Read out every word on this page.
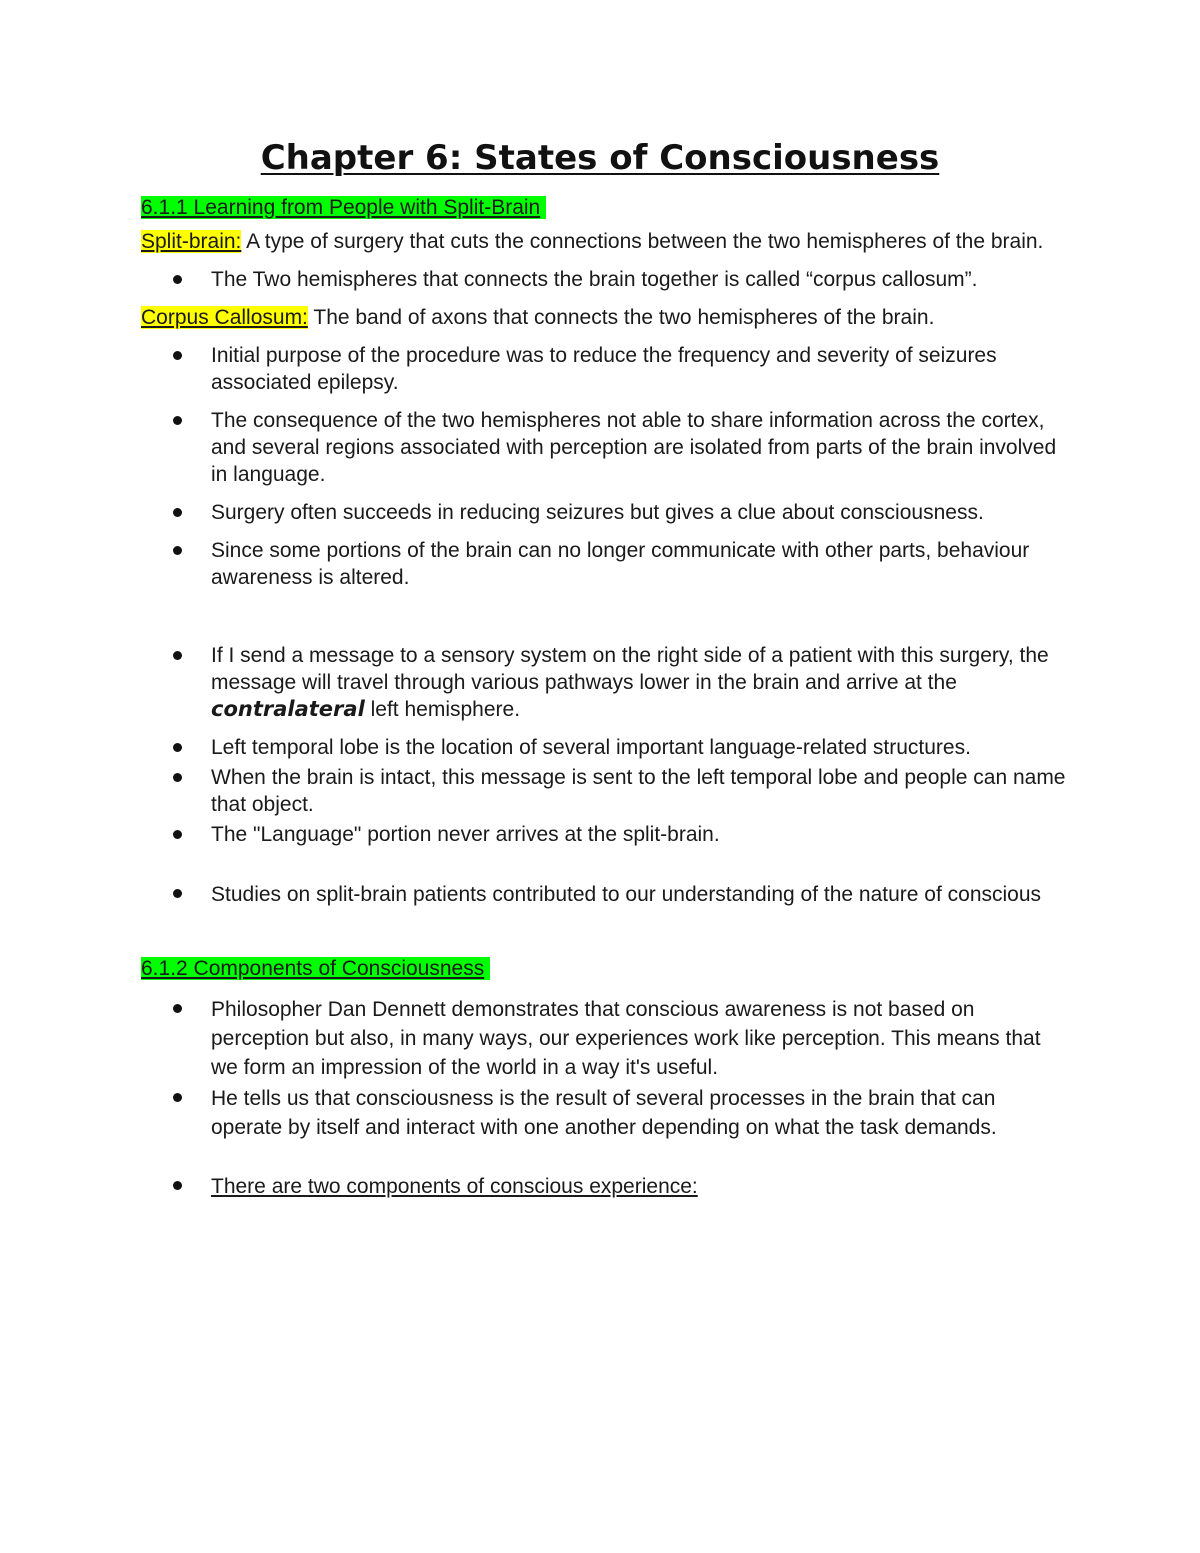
Chapter 6: States of Consciousness

6.1.1 Learning from People with Split-Brain

Split-brain: A type of surgery that cuts the connections between the two hemispheres of the brain.

The Two hemispheres that connects the brain together is called “corpus callosum”.

Corpus Callosum: The band of axons that connects the two hemispheres of the brain.

Initial purpose of the procedure was to reduce the frequency and severity of seizures associated epilepsy.
The consequence of the two hemispheres not able to share information across the cortex, and several regions associated with perception are isolated from parts of the brain involved in language.
Surgery often succeeds in reducing seizures but gives a clue about consciousness.
Since some portions of the brain can no longer communicate with other parts, behaviour awareness is altered.
If I send a message to a sensory system on the right side of a patient with this surgery, the message will travel through various pathways lower in the brain and arrive at the contralateral left hemisphere.
Left temporal lobe is the location of several important language-related structures.
When the brain is intact, this message is sent to the left temporal lobe and people can name that object.
The "Language" portion never arrives at the split-brain.
Studies on split-brain patients contributed to our understanding of the nature of conscious

6.1.2 Components of Consciousness

Philosopher Dan Dennett demonstrates that conscious awareness is not based on perception but also, in many ways, our experiences work like perception. This means that we form an impression of the world in a way it's useful.
He tells us that consciousness is the result of several processes in the brain that can operate by itself and interact with one another depending on what the task demands.
There are two components of conscious experience:
